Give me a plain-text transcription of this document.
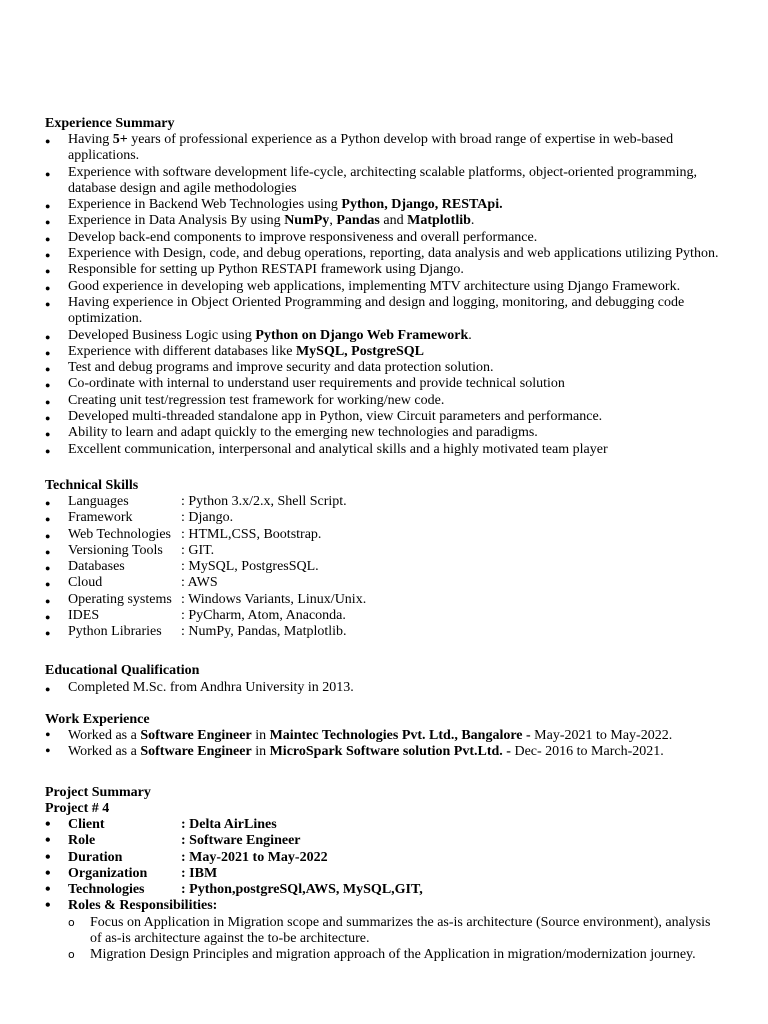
Experience Summary
● Having 5+ years of professional experience as a Python develop with broad range of expertise in web-based applications.
● Experience with software development life-cycle, architecting scalable platforms, object-oriented programming, database design and agile methodologies
● Experience in Backend Web Technologies using Python, Django, RESTApi.
● Experience in Data Analysis By using NumPy, Pandas and Matplotlib.
● Develop back-end components to improve responsiveness and overall performance.
● Experience with Design, code, and debug operations, reporting, data analysis and web applications utilizing Python.
● Responsible for setting up Python RESTAPI framework using Django.
● Good experience in developing web applications, implementing MTV architecture using Django Framework.
● Having experience in Object Oriented Programming and design and logging, monitoring, and debugging code optimization.
● Developed Business Logic using Python on Django Web Framework.
● Experience with different databases like MySQL, PostgreSQL
● Test and debug programs and improve security and data protection solution.
● Co-ordinate with internal to understand user requirements and provide technical solution
● Creating unit test/regression test framework for working/new code.
● Developed multi-threaded standalone app in Python, view Circuit parameters and performance.
● Ability to learn and adapt quickly to the emerging new technologies and paradigms.
● Excellent communication, interpersonal and analytical skills and a highly motivated team player
Technical Skills
● Languages	: Python 3.x/2.x, Shell Script.
● Framework	: Django.
● Web Technologies : HTML,CSS, Bootstrap.
● Versioning Tools : GIT.
● Databases	: MySQL, PostgresSQL.
● Cloud	: AWS
● Operating systems : Windows Variants, Linux/Unix.
● IDES	: PyCharm, Atom, Anaconda.
● Python Libraries : NumPy, Pandas, Matplotlib.
Educational Qualification
● Completed M.Sc. from Andhra University in 2013.
Work Experience
• Worked as a Software Engineer in Maintec Technologies Pvt. Ltd., Bangalore - May-2021 to May-2022.
• Worked as a Software Engineer in MicroSpark Software solution Pvt.Ltd. - Dec- 2016 to March-2021.
Project Summary
Project # 4
• Client	: Delta AirLines
• Role	: Software Engineer
• Duration	: May-2021 to May-2022
• Organization : IBM
• Technologies	: Python,postgreSQl,AWS, MySQL,GIT,
• Roles & Responsibilities:
o Focus on Application in Migration scope and summarizes the as-is architecture (Source environment), analysis of as-is architecture against the to-be architecture.
o Migration Design Principles and migration approach of the Application in migration/modernization journey.
